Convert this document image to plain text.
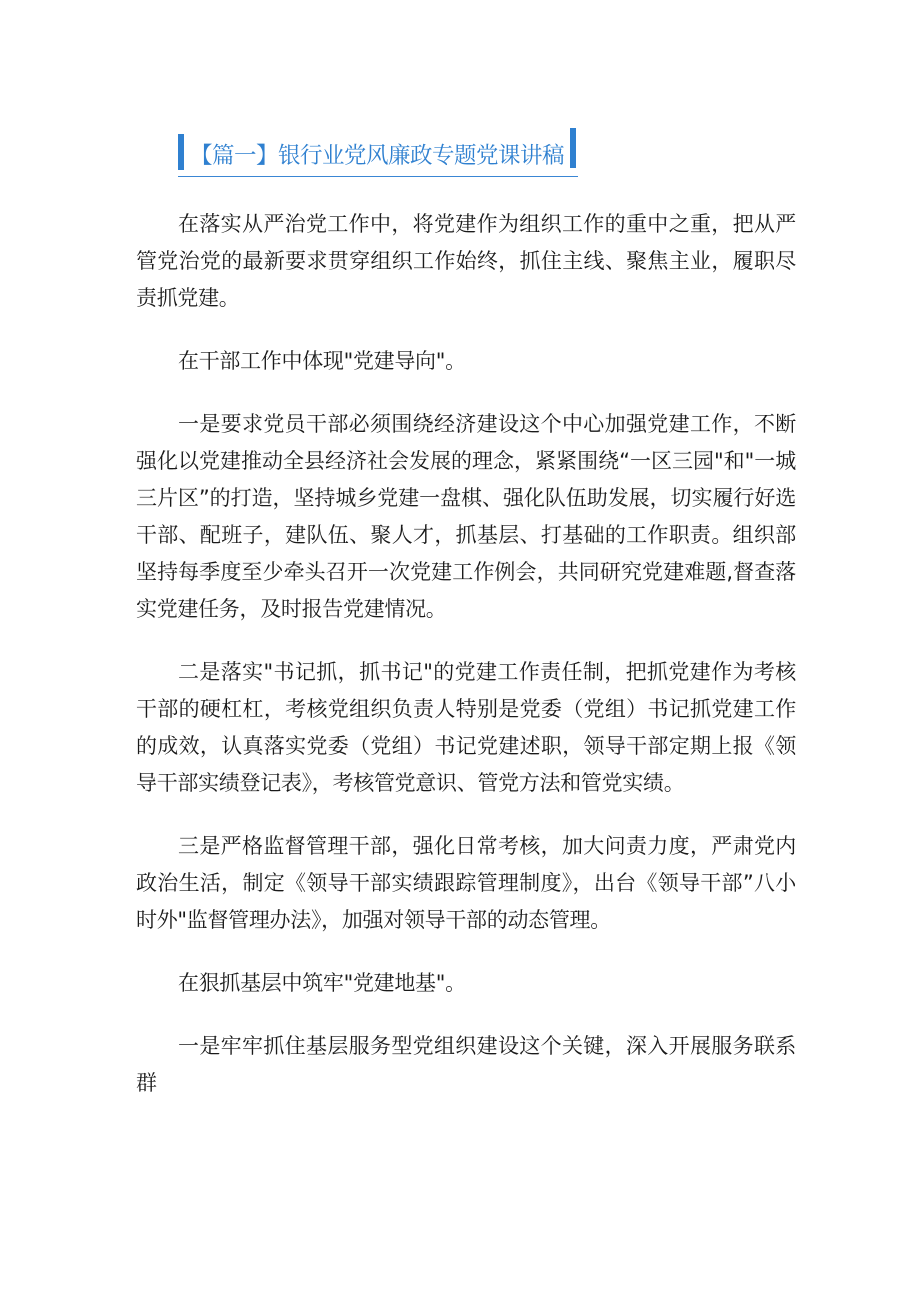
【篇一】银行业党风廉政专题党课讲稿

在落实从严治党工作中，将党建作为组织工作的重中之重，把从严管党治党的最新要求贯穿组织工作始终，抓住主线、聚焦主业，履职尽责抓党建。

在干部工作中体现"党建导向"。

一是要求党员干部必须围绕经济建设这个中心加强党建工作，不断强化以党建推动全县经济社会发展的理念，紧紧围绕“一区三园"和"一城三片区”的打造，坚持城乡党建一盘棋、强化队伍助发展，切实履行好选干部、配班子，建队伍、聚人才，抓基层、打基础的工作职责。组织部坚持每季度至少牵头召开一次党建工作例会，共同研究党建难题,督查落实党建任务，及时报告党建情况。

二是落实"书记抓，抓书记"的党建工作责任制，把抓党建作为考核干部的硬杠杠，考核党组织负责人特别是党委（党组）书记抓党建工作的成效，认真落实党委（党组）书记党建述职，领导干部定期上报《领导干部实绩登记表》，考核管党意识、管党方法和管党实绩。

三是严格监督管理干部，强化日常考核，加大问责力度，严肃党内政治生活，制定《领导干部实绩跟踪管理制度》，出台《领导干部”八小时外"监督管理办法》，加强对领导干部的动态管理。

在狠抓基层中筑牢"党建地基"。

一是牢牢抓住基层服务型党组织建设这个关键，深入开展服务联系群
